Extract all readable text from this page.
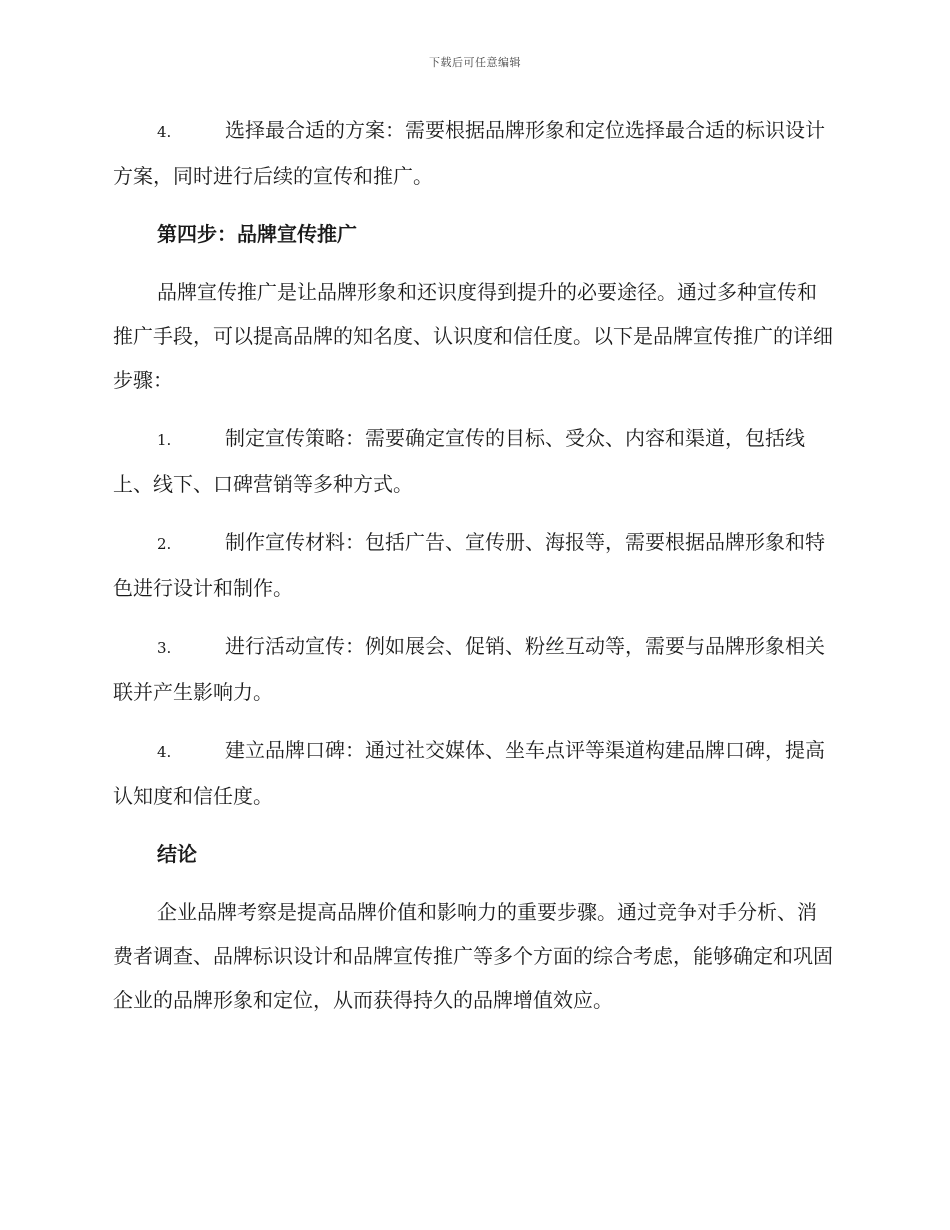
下载后可任意编辑

4.	选择最合适的方案：需要根据品牌形象和定位选择最合适的标识设计方案，同时进行后续的宣传和推广。

第四步：品牌宣传推广

品牌宣传推广是让品牌形象和还识度得到提升的必要途径。通过多种宣传和推广手段，可以提高品牌的知名度、认识度和信任度。以下是品牌宣传推广的详细步骤：

1.	制定宣传策略：需要确定宣传的目标、受众、内容和渠道，包括线上、线下、口碑营销等多种方式。

2.	制作宣传材料：包括广告、宣传册、海报等，需要根据品牌形象和特色进行设计和制作。

3.	进行活动宣传：例如展会、促销、粉丝互动等，需要与品牌形象相关联并产生影响力。

4.	建立品牌口碑：通过社交媒体、坐车点评等渠道构建品牌口碑，提高认知度和信任度。

结论

企业品牌考察是提高品牌价值和影响力的重要步骤。通过竞争对手分析、消费者调查、品牌标识设计和品牌宣传推广等多个方面的综合考虑，能够确定和巩固企业的品牌形象和定位，从而获得持久的品牌增值效应。
